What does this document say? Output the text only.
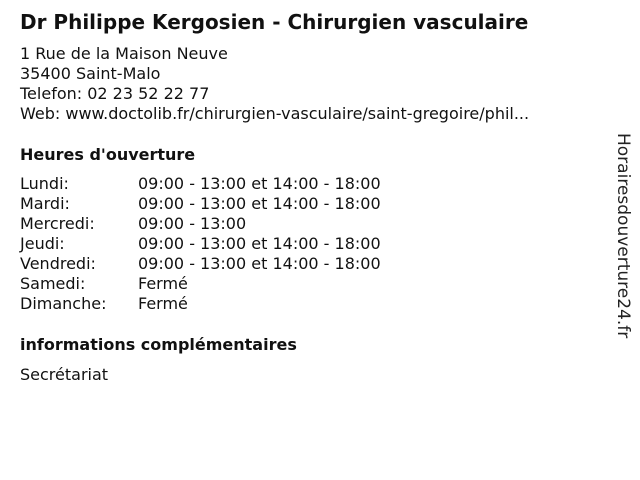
Dr Philippe Kergosien - Chirurgien vasculaire
1 Rue de la Maison Neuve
35400 Saint-Malo
Telefon: 02 23 52 22 77
Web: www.doctolib.fr/chirurgien-vasculaire/saint-gregoire/phil...
Heures d'ouverture
Lundi:	09:00 - 13:00 et 14:00 - 18:00
Mardi:	09:00 - 13:00 et 14:00 - 18:00
Mercredi:	09:00 - 13:00
Jeudi:	09:00 - 13:00 et 14:00 - 18:00
Vendredi:	09:00 - 13:00 et 14:00 - 18:00
Samedi:	Fermé
Dimanche: Fermé
informations complémentaires
Secrétariat
Horairesdouverture24.fr
